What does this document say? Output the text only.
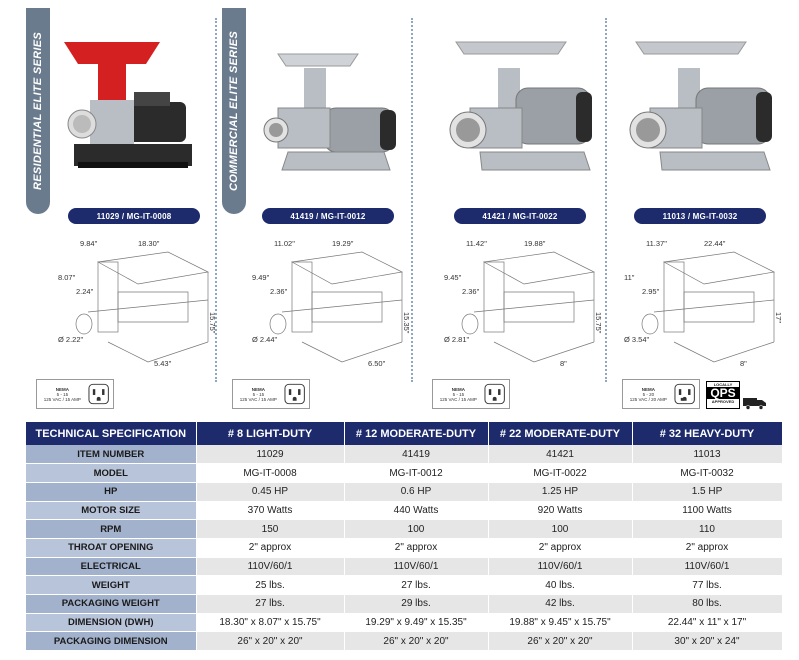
RESIDENTIAL ELITE SERIES	COMMERCIAL ELITE SERIES
11029 / MG-IT-0008
9.84"	18.30"
8.07"
2.24"
15.75"
Ø 2.22"
5.43"
41419 / MG-IT-0012
11.02"	19.29"
9.49"
2.36"
15.35"
Ø 2.44"
6.50"
41421 / MG-IT-0022
11.42"	19.88"
9.45"
2.36"
15.75"
Ø 2.81"
8"
11013 / MG-IT-0032
11.37"	22.44"
11"
2.95"
17"
Ø 3.54"
8"
NEMA
5 - 15
125 VAC / 15 AMP
NEMA
5 - 15
125 VAC / 15 AMP
NEMA
5 - 15
125 VAC / 15 AMP
NEMA
5 - 20
125 VAC / 20 AMP
LOCALLY
QPS
APPROVED
TECHNICAL SPECIFICATION	# 8 LIGHT-DUTY	# 12 MODERATE-DUTY	# 22 MODERATE-DUTY	# 32 HEAVY-DUTY
ITEM NUMBER	11029	41419	41421	11013
MODEL	MG-IT-0008	MG-IT-0012	MG-IT-0022	MG-IT-0032
HP	0.45 HP	0.6 HP	1.25 HP	1.5 HP
MOTOR SIZE	370 Watts	440 Watts	920 Watts	1100 Watts
RPM	150	100	100	110
THROAT OPENING	2" approx	2" approx	2" approx	2" approx
ELECTRICAL	110V/60/1	110V/60/1	110V/60/1	110V/60/1
WEIGHT	25 lbs.	27 lbs.	40 lbs.	77 lbs.
PACKAGING WEIGHT	27 lbs.	29 lbs.	42 lbs.	80 lbs.
DIMENSION (DWH)	18.30" x 8.07" x 15.75"	19.29" x 9.49" x 15.35"	19.88" x 9.45" x 15.75"	22.44" x 11" x 17"
PACKAGING DIMENSION	26" x 20" x 20"	26" x 20" x 20"	26" x 20" x 20"	30" x 20" x 24"
